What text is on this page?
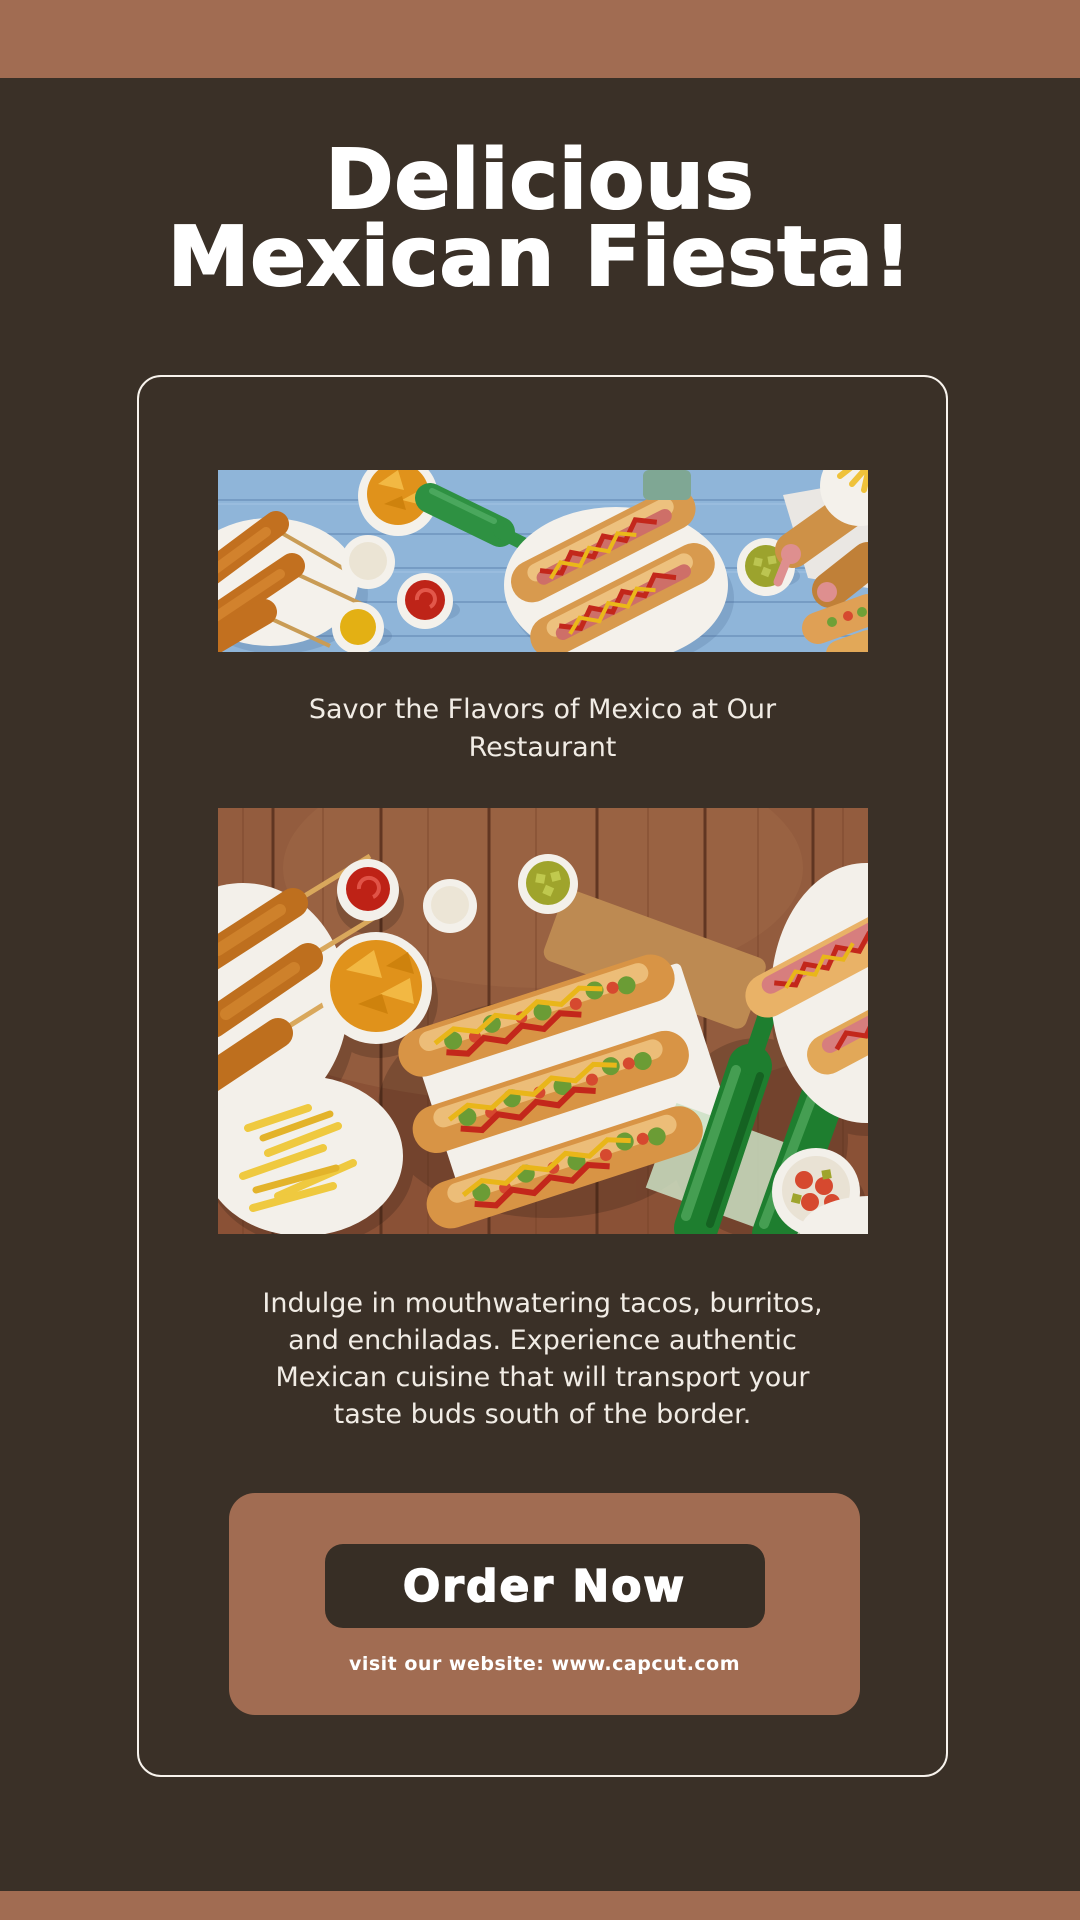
Delicious
Mexican Fiesta!
Savor the Flavors of Mexico at Our
Restaurant
Indulge in mouthwatering tacos, burritos,
and enchiladas. Experience authentic
Mexican cuisine that will transport your
taste buds south of the border.
Order Now
visit our website: www.capcut.com
